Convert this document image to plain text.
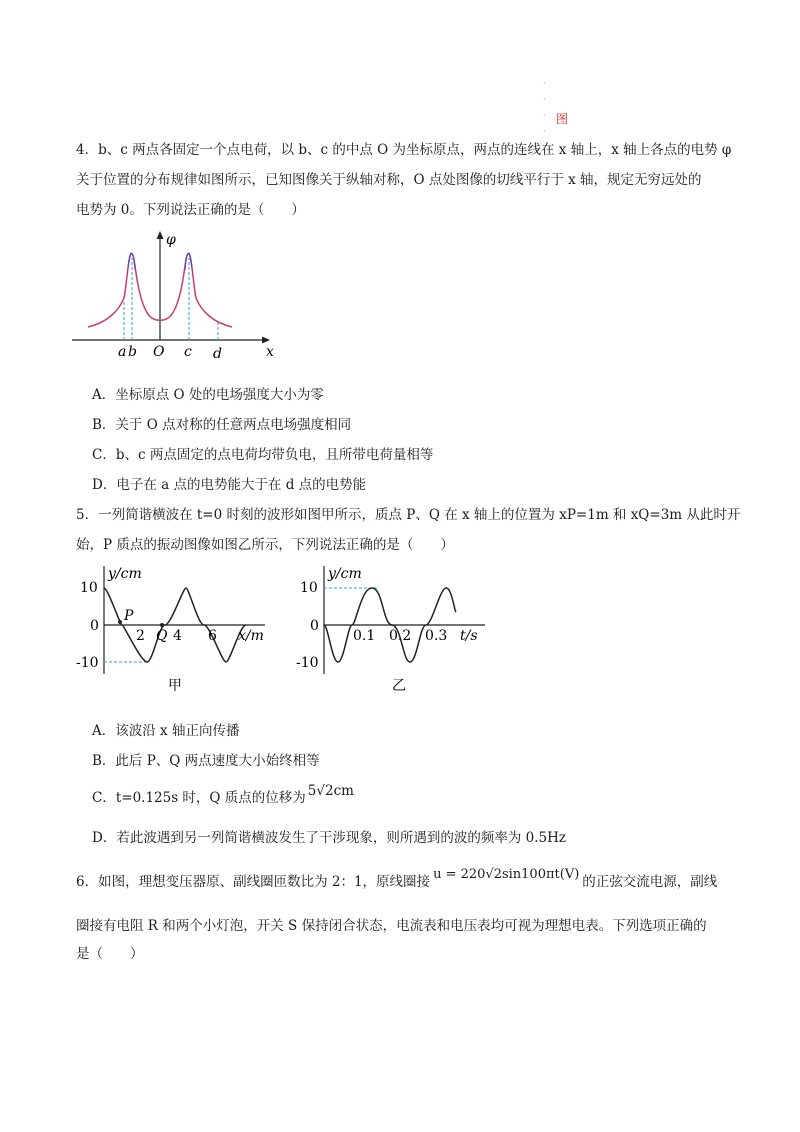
·

·

·

·
图
4．b、c 两点各固定一个点电荷，以 b、c 的中点 O 为坐标原点，两点的连线在 x 轴上，x 轴上各点的电势 φ
关于位置的分布规律如图所示，已知图像关于纵轴对称，O 点处图像的切线平行于 x 轴，规定无穷远处的
电势为 0。下列说法正确的是（　　）
φ
x
a b O c d
A．坐标原点 O 处的电场强度大小为零
B．关于 O 点对称的任意两点电场强度相同
C．b、c 两点固定的点电荷均带负电，且所带电荷量相等
D．电子在 a 点的电势能大于在 d 点的电势能
5．一列简谐横波在 t=0 时刻的波形如图甲所示，质点 P、Q 在 x 轴上的位置为 xP=1m 和 xQ=3m 从此时开
始，P 质点的振动图像如图乙所示，下列说法正确的是（　　）
10
0
-10
y/cm
x/m
2 4 6
P
Q
甲
10
0
-10
y/cm
t/s
0.1 0.2 0.3
乙
A．该波沿 x 轴正向传播
B．此后 P、Q 两点速度大小始终相等
C．t=0.125s 时，Q 质点的位移为 5√2cm
D．若此波遇到另一列简谐横波发生了干涉现象，则所遇到的波的频率为 0.5Hz
6．如图，理想变压器原、副线圈匝数比为 2：1，原线圈接 u = 220√2sin100πt(V) 的正弦交流电源，副线
圈接有电阻 R 和两个小灯泡，开关 S 保持闭合状态，电流表和电压表均可视为理想电表。下列选项正确的
是（　　）
